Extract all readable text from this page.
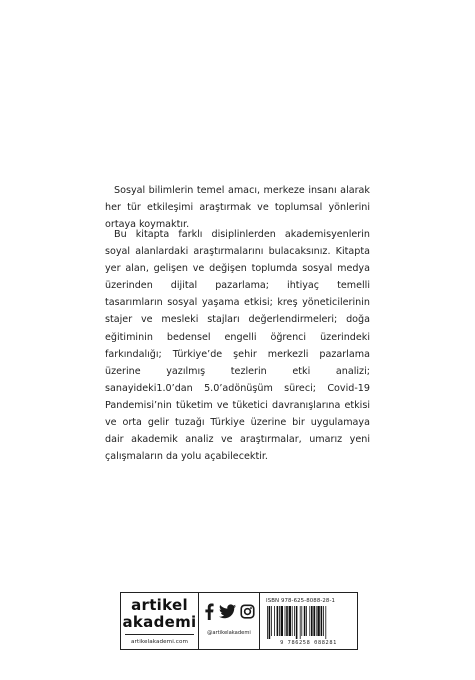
Sosyal bilimlerin temel amacı, merkeze insanı alarak her tür etkileşimi araştırmak ve toplumsal yönlerini ortaya koymaktır.

Bu kitapta farklı disiplinlerden akademisyenlerin soyal alanlardaki araştırmalarını bulacaksınız. Kitapta yer alan, gelişen ve değişen toplumda sosyal medya üzerinden dijital pazarlama; ihtiyaç temelli tasarımların sosyal yaşama etkisi; kreş yöneticilerinin stajer ve mesleki stajları değerlendirmeleri; doğa eğitiminin bedensel engelli öğrenci üzerindeki farkındalığı; Türkiye’de şehir merkezli pazarlama üzerine yazılmış tezlerin etki analizi; sanayideki1.0’dan 5.0’adönüşüm süreci; Covid-19 Pandemisi’nin tüketim ve tüketici davranışlarına etkisi ve orta gelir tuzağı Türkiye üzerine bir uygulamaya dair akademik analiz ve araştırmalar, umarız yeni çalışmaların da yolu açabilecektir.

artikel
akademi
artikelakademi.com
@artikelakademi
ISBN 978-625-8088-28-1
9 786258 088281
